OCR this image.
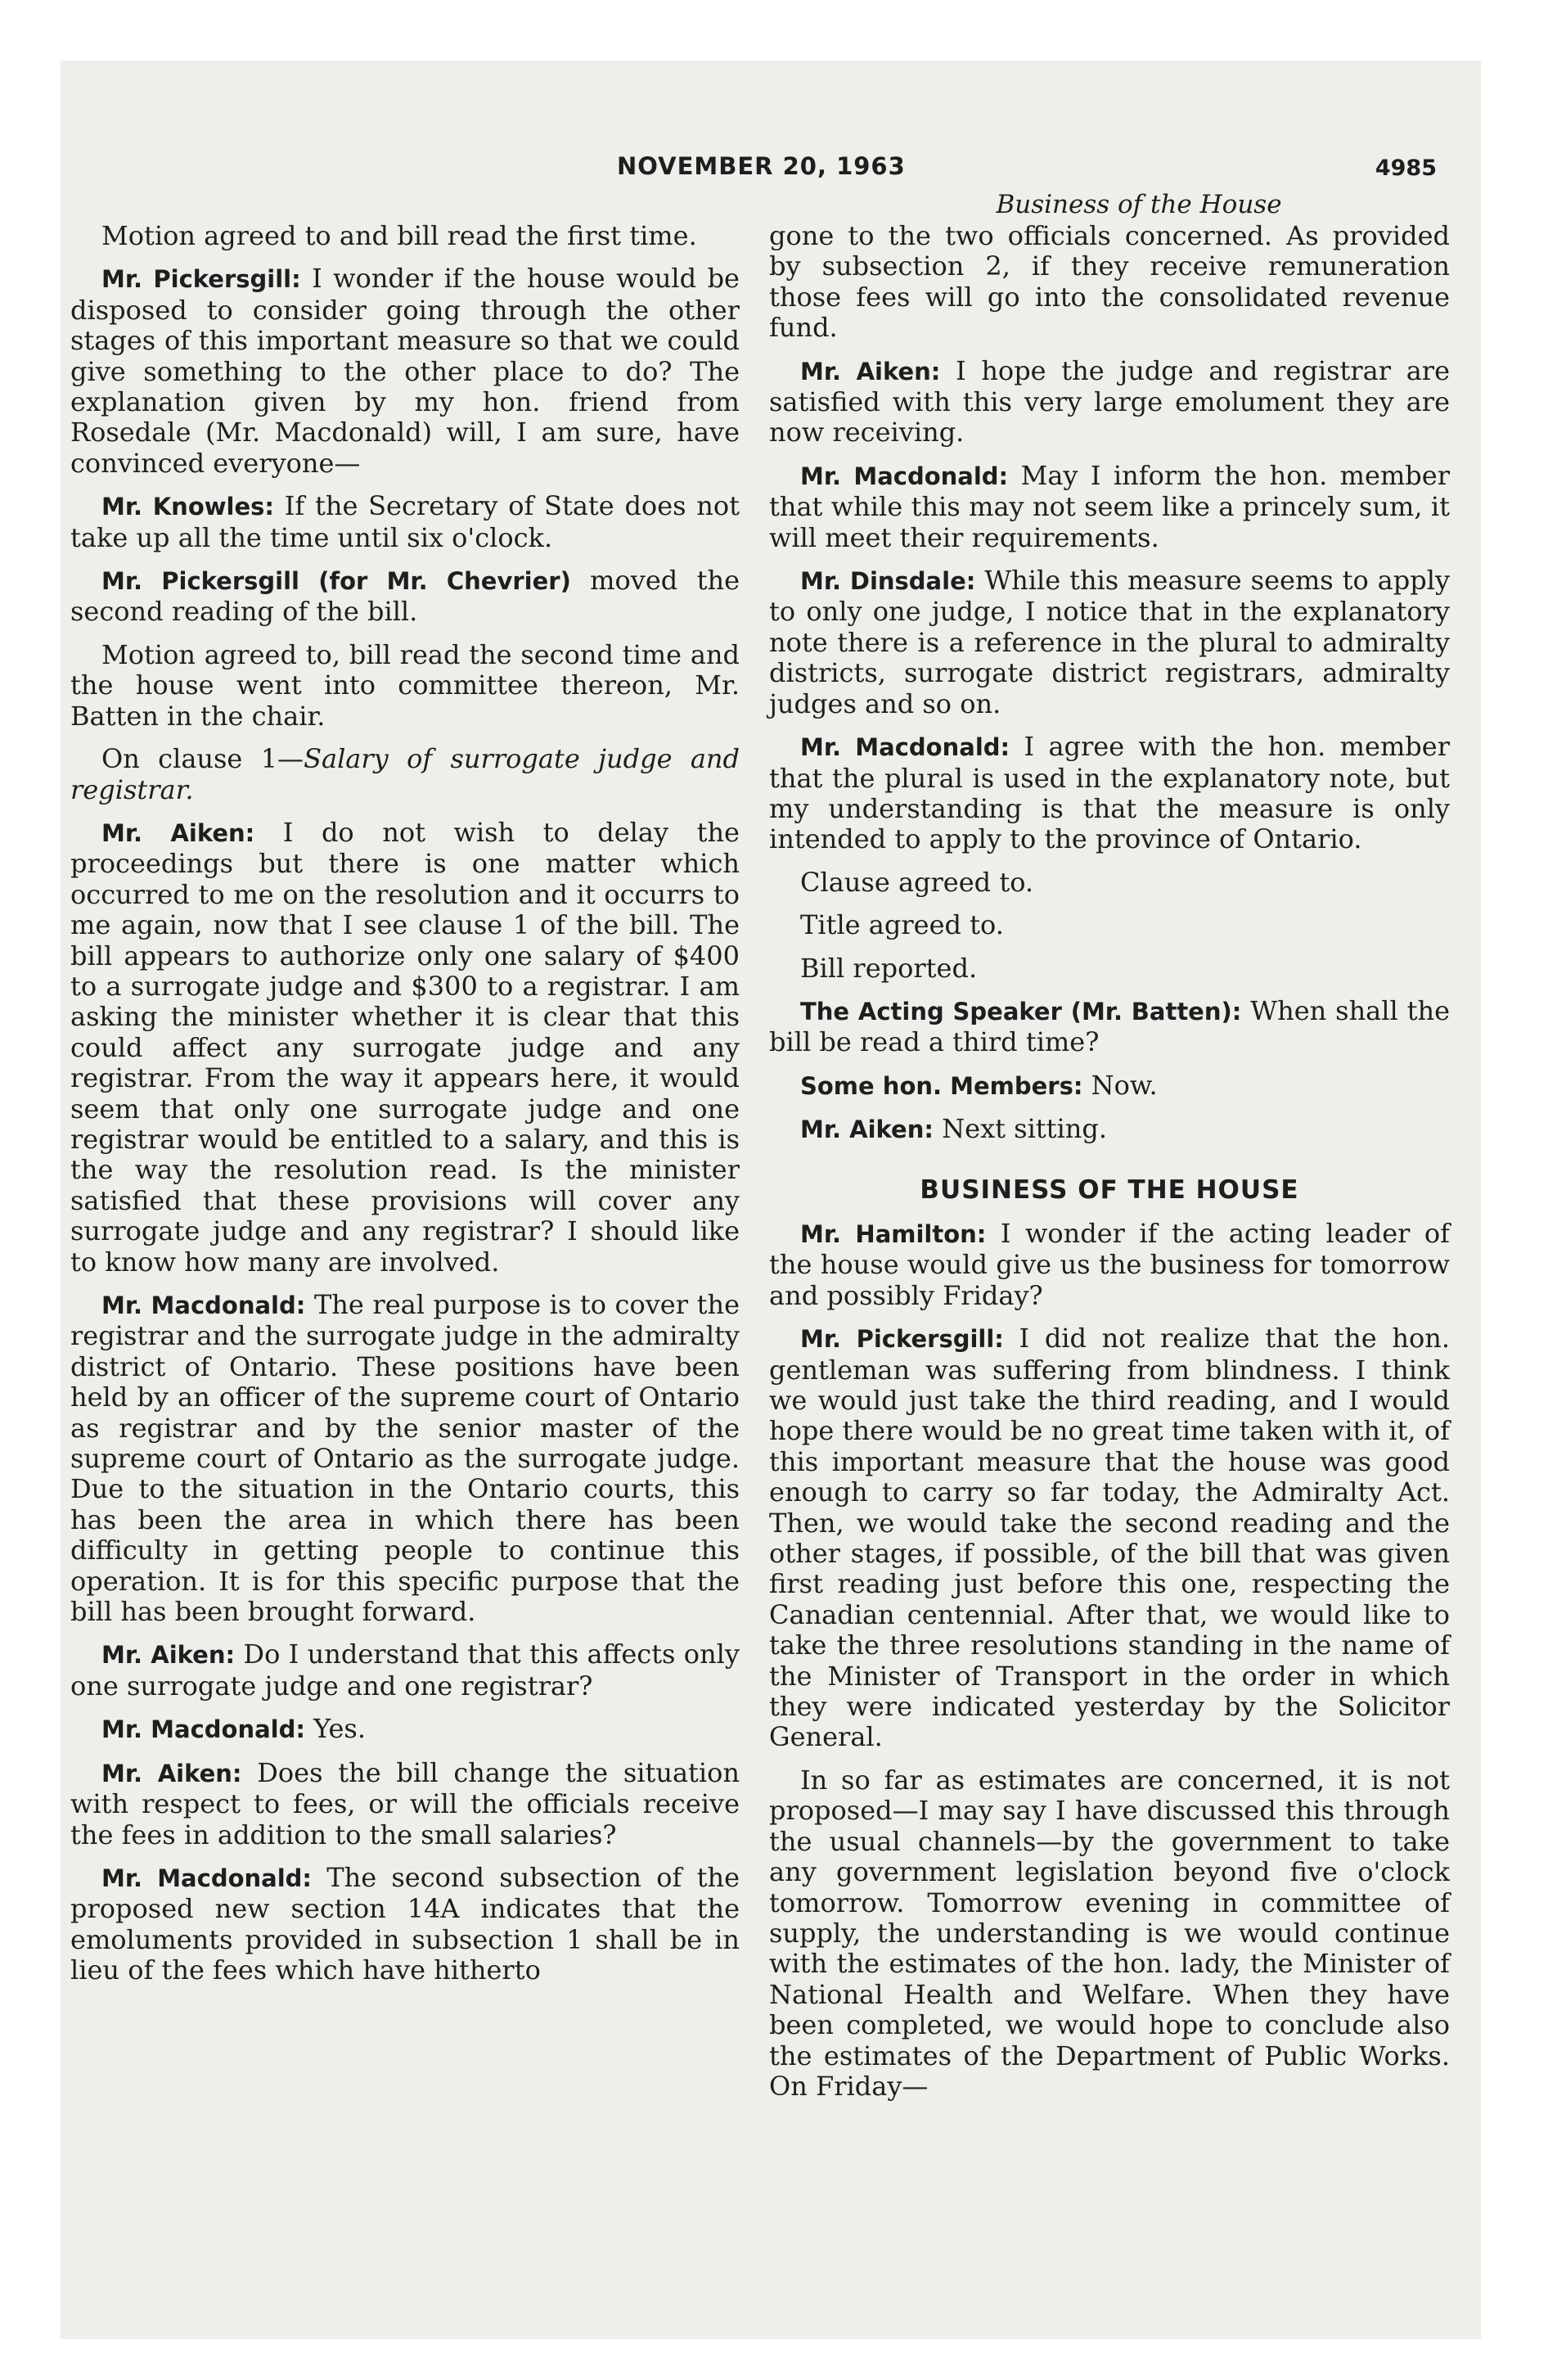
NOVEMBER 20, 1963	4985
Business of the House

Motion agreed to and bill read the first time.

Mr. Pickersgill: I wonder if the house would be disposed to consider going through the other stages of this important measure so that we could give something to the other place to do? The explanation given by my hon. friend from Rosedale (Mr. Macdonald) will, I am sure, have convinced everyone—

Mr. Knowles: If the Secretary of State does not take up all the time until six o'clock.

Mr. Pickersgill (for Mr. Chevrier) moved the second reading of the bill.

Motion agreed to, bill read the second time and the house went into committee thereon, Mr. Batten in the chair.

On clause 1—Salary of surrogate judge and registrar.

Mr. Aiken: I do not wish to delay the proceedings but there is one matter which occurred to me on the resolution and it occurrs to me again, now that I see clause 1 of the bill. The bill appears to authorize only one salary of $400 to a surrogate judge and $300 to a registrar. I am asking the minister whether it is clear that this could affect any surrogate judge and any registrar. From the way it appears here, it would seem that only one surrogate judge and one registrar would be entitled to a salary, and this is the way the resolution read. Is the minister satisfied that these provisions will cover any surrogate judge and any registrar? I should like to know how many are involved.

Mr. Macdonald: The real purpose is to cover the registrar and the surrogate judge in the admiralty district of Ontario. These positions have been held by an officer of the supreme court of Ontario as registrar and by the senior master of the supreme court of Ontario as the surrogate judge. Due to the situation in the Ontario courts, this has been the area in which there has been difficulty in getting people to continue this operation. It is for this specific purpose that the bill has been brought forward.

Mr. Aiken: Do I understand that this affects only one surrogate judge and one registrar?

Mr. Macdonald: Yes.

Mr. Aiken: Does the bill change the situation with respect to fees, or will the officials receive the fees in addition to the small salaries?

Mr. Macdonald: The second subsection of the proposed new section 14A indicates that the emoluments provided in subsection 1 shall be in lieu of the fees which have hitherto

gone to the two officials concerned. As provided by subsection 2, if they receive remuneration those fees will go into the consolidated revenue fund.

Mr. Aiken: I hope the judge and registrar are satisfied with this very large emolument they are now receiving.

Mr. Macdonald: May I inform the hon. member that while this may not seem like a princely sum, it will meet their requirements.

Mr. Dinsdale: While this measure seems to apply to only one judge, I notice that in the explanatory note there is a reference in the plural to admiralty districts, surrogate district registrars, admiralty judges and so on.

Mr. Macdonald: I agree with the hon. member that the plural is used in the explanatory note, but my understanding is that the measure is only intended to apply to the province of Ontario.

Clause agreed to.

Title agreed to.

Bill reported.

The Acting Speaker (Mr. Batten): When shall the bill be read a third time?

Some hon. Members: Now.

Mr. Aiken: Next sitting.

BUSINESS OF THE HOUSE

Mr. Hamilton: I wonder if the acting leader of the house would give us the business for tomorrow and possibly Friday?

Mr. Pickersgill: I did not realize that the hon. gentleman was suffering from blindness. I think we would just take the third reading, and I would hope there would be no great time taken with it, of this important measure that the house was good enough to carry so far today, the Admiralty Act. Then, we would take the second reading and the other stages, if possible, of the bill that was given first reading just before this one, respecting the Canadian centennial. After that, we would like to take the three resolutions standing in the name of the Minister of Transport in the order in which they were indicated yesterday by the Solicitor General.

In so far as estimates are concerned, it is not proposed—I may say I have discussed this through the usual channels—by the government to take any government legislation beyond five o'clock tomorrow. Tomorrow evening in committee of supply, the understanding is we would continue with the estimates of the hon. lady, the Minister of National Health and Welfare. When they have been completed, we would hope to conclude also the estimates of the Department of Public Works. On Friday—
